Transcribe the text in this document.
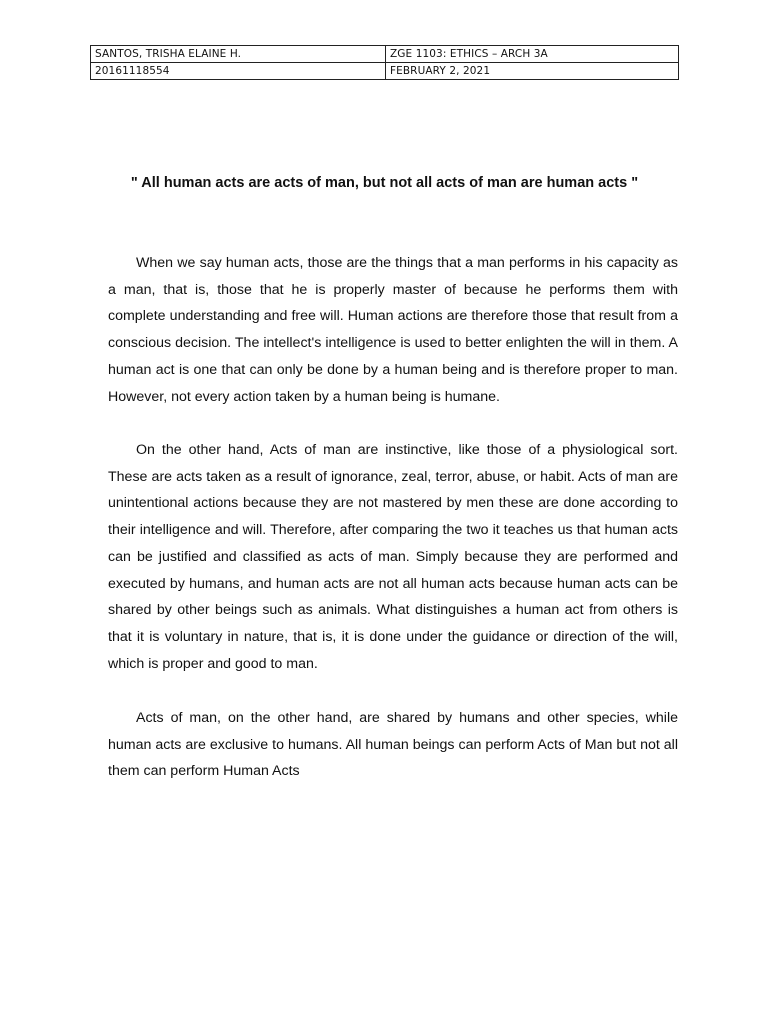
SANTOS, TRISHA ELAINE H.	ZGE 1103: ETHICS – ARCH 3A
20161118554	FEBRUARY 2, 2021
" All human acts are acts of man, but not all acts of man are human acts "

When we say human acts, those are the things that a man performs in his capacity as a man, that is, those that he is properly master of because he performs them with complete understanding and free will. Human actions are therefore those that result from a conscious decision. The intellect's intelligence is used to better enlighten the will in them. A human act is one that can only be done by a human being and is therefore proper to man. However, not every action taken by a human being is humane.

On the other hand, Acts of man are instinctive, like those of a physiological sort. These are acts taken as a result of ignorance, zeal, terror, abuse, or habit. Acts of man are unintentional actions because they are not mastered by men these are done according to their intelligence and will. Therefore, after comparing the two it teaches us that human acts can be justified and classified as acts of man. Simply because they are performed and executed by humans, and human acts are not all human acts because human acts can be shared by other beings such as animals. What distinguishes a human act from others is that it is voluntary in nature, that is, it is done under the guidance or direction of the will, which is proper and good to man.

Acts of man, on the other hand, are shared by humans and other species, while human acts are exclusive to humans. All human beings can perform Acts of Man but not all them can perform Human Acts
